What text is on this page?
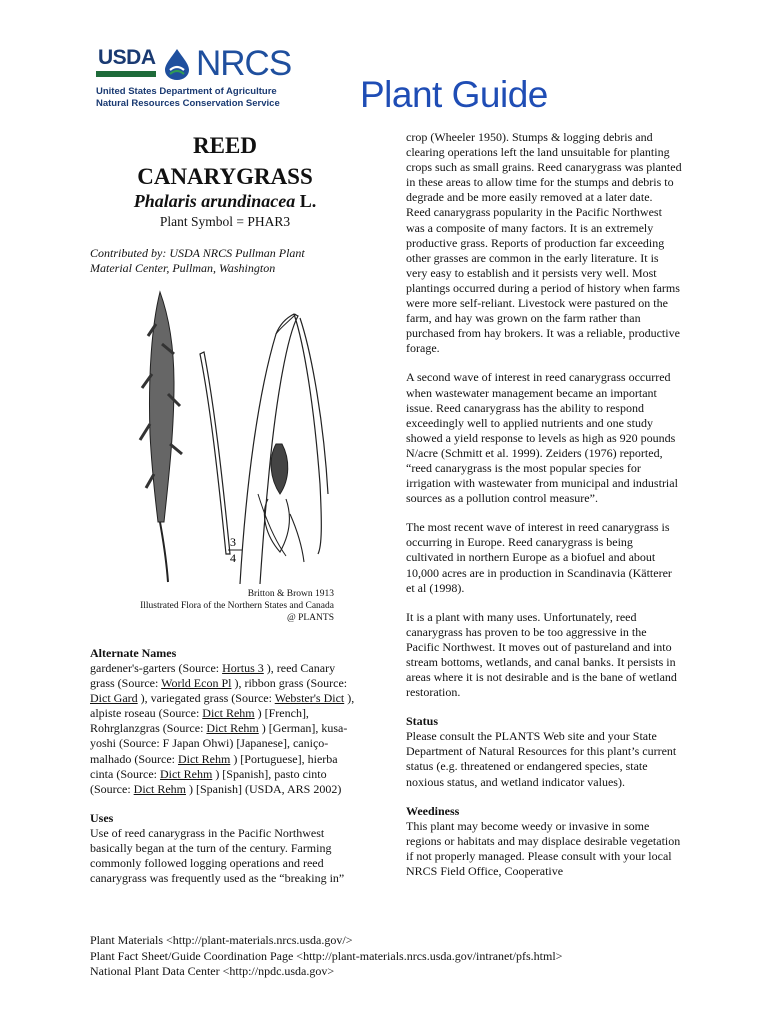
USDA NRCS
United States Department of Agriculture
Natural Resources Conservation Service Plant Guide
REED
CANARYGRASS
Phalaris arundinacea L.
Plant Symbol = PHAR3
Contributed by: USDA NRCS Pullman Plant
Material Center, Pullman, Washington
3
4
Britton & Brown 1913
Illustrated Flora of the Northern States and Canada
@ PLANTS
Alternate Names
gardener's-garters (Source: Hortus 3 ), reed Canary grass (Source: World Econ Pl ), ribbon grass (Source: Dict Gard ), variegated grass (Source: Webster's Dict ), alpiste roseau (Source: Dict Rehm ) [French], Rohrglanzgras (Source: Dict Rehm ) [German], kusa-yoshi (Source: F Japan Ohwi) [Japanese], caniço-malhado (Source: Dict Rehm ) [Portuguese], hierba cinta (Source: Dict Rehm ) [Spanish], pasto cinto (Source: Dict Rehm ) [Spanish] (USDA, ARS 2002)
Uses
Use of reed canarygrass in the Pacific Northwest basically began at the turn of the century. Farming commonly followed logging operations and reed canarygrass was frequently used as the “breaking in”
crop (Wheeler 1950). Stumps & logging debris and clearing operations left the land unsuitable for planting crops such as small grains. Reed canarygrass was planted in these areas to allow time for the stumps and debris to degrade and be more easily removed at a later date.
Reed canarygrass popularity in the Pacific Northwest was a composite of many factors. It is an extremely productive grass. Reports of production far exceeding other grasses are common in the early literature. It is very easy to establish and it persists very well. Most plantings occurred during a period of history when farms were more self-reliant. Livestock were pastured on the farm, and hay was grown on the farm rather than purchased from hay brokers. It was a reliable, productive forage.
A second wave of interest in reed canarygrass occurred when wastewater management became an important issue. Reed canarygrass has the ability to respond exceedingly well to applied nutrients and one study showed a yield response to levels as high as 920 pounds N/acre (Schmitt et al. 1999). Zeiders (1976) reported, “reed canarygrass is the most popular species for irrigation with wastewater from municipal and industrial sources as a pollution control measure”.
The most recent wave of interest in reed canarygrass is occurring in Europe. Reed canarygrass is being cultivated in northern Europe as a biofuel and about 10,000 acres are in production in Scandinavia (Kätterer et al (1998).
It is a plant with many uses. Unfortunately, reed canarygrass has proven to be too aggressive in the Pacific Northwest. It moves out of pastureland and into stream bottoms, wetlands, and canal banks. It persists in areas where it is not desirable and is the bane of wetland restoration.
Status
Please consult the PLANTS Web site and your State Department of Natural Resources for this plant’s current status (e.g. threatened or endangered species, state noxious status, and wetland indicator values).
Weediness
This plant may become weedy or invasive in some regions or habitats and may displace desirable vegetation if not properly managed. Please consult with your local NRCS Field Office, Cooperative
Plant Materials <http://plant-materials.nrcs.usda.gov/>
Plant Fact Sheet/Guide Coordination Page <http://plant-materials.nrcs.usda.gov/intranet/pfs.html>
National Plant Data Center <http://npdc.usda.gov>
